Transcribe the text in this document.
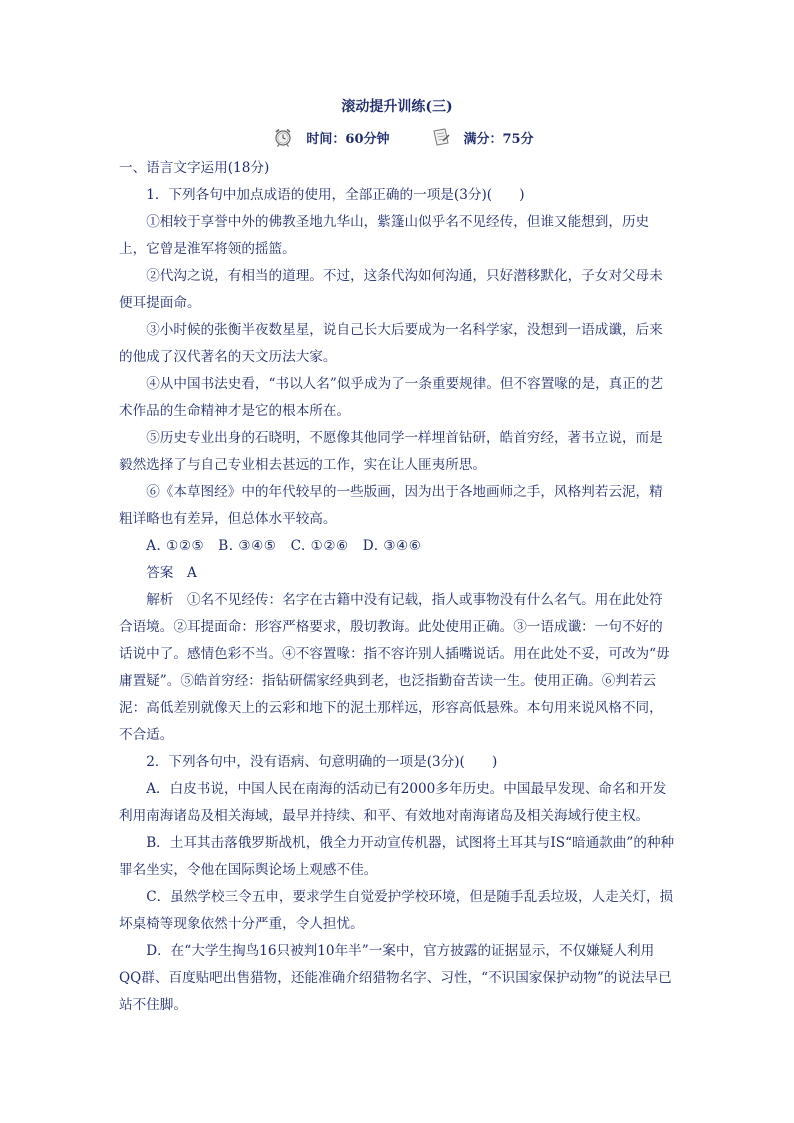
滚动提升训练(三)
时间：60分钟	满分：75分

一、语言文字运用(18分)

1．下列各句中加点成语的使用，全部正确的一项是(3分)(　　)

①相较于享誉中外的佛教圣地九华山，紫篷山似乎名不见经传，但谁又能想到，历史上，它曾是淮军将领的摇篮。

②代沟之说，有相当的道理。不过，这条代沟如何沟通，只好潜移默化，子女对父母未便耳提面命。

③小时候的张衡半夜数星星，说自己长大后要成为一名科学家，没想到一语成谶，后来的他成了汉代著名的天文历法大家。

④从中国书法史看，“书以人名”似乎成为了一条重要规律。但不容置喙的是，真正的艺术作品的生命精神才是它的根本所在。

⑤历史专业出身的石晓明，不愿像其他同学一样埋首钻研，皓首穷经，著书立说，而是毅然选择了与自己专业相去甚远的工作，实在让人匪夷所思。

⑥《本草图经》中的年代较早的一些版画，因为出于各地画师之手，风格判若云泥，精粗详略也有差异，但总体水平较高。

A. ①②⑤　B. ③④⑤　C. ①②⑥　D. ③④⑥

答案　A

解析　①名不见经传：名字在古籍中没有记载，指人或事物没有什么名气。用在此处符合语境。②耳提面命：形容严格要求，殷切教诲。此处使用正确。③一语成谶：一句不好的话说中了。感情色彩不当。④不容置喙：指不容许别人插嘴说话。用在此处不妥，可改为“毋庸置疑”。⑤皓首穷经：指钻研儒家经典到老，也泛指勤奋苦读一生。使用正确。⑥判若云泥：高低差别就像天上的云彩和地下的泥土那样远，形容高低悬殊。本句用来说风格不同，不合适。

2．下列各句中，没有语病、句意明确的一项是(3分)(　　)

A．白皮书说，中国人民在南海的活动已有2000多年历史。中国最早发现、命名和开发利用南海诸岛及相关海域，最早并持续、和平、有效地对南海诸岛及相关海域行使主权。

B．土耳其击落俄罗斯战机，俄全力开动宣传机器，试图将土耳其与IS“暗通款曲”的种种罪名坐实，令他在国际舆论场上观感不佳。

C．虽然学校三令五申，要求学生自觉爱护学校环境，但是随手乱丢垃圾，人走关灯，损坏桌椅等现象依然十分严重，令人担忧。

D．在“大学生掏鸟16只被判10年半”一案中，官方披露的证据显示，不仅嫌疑人利用QQ群、百度贴吧出售猎物，还能准确介绍猎物名字、习性，“不识国家保护动物”的说法早已站不住脚。
